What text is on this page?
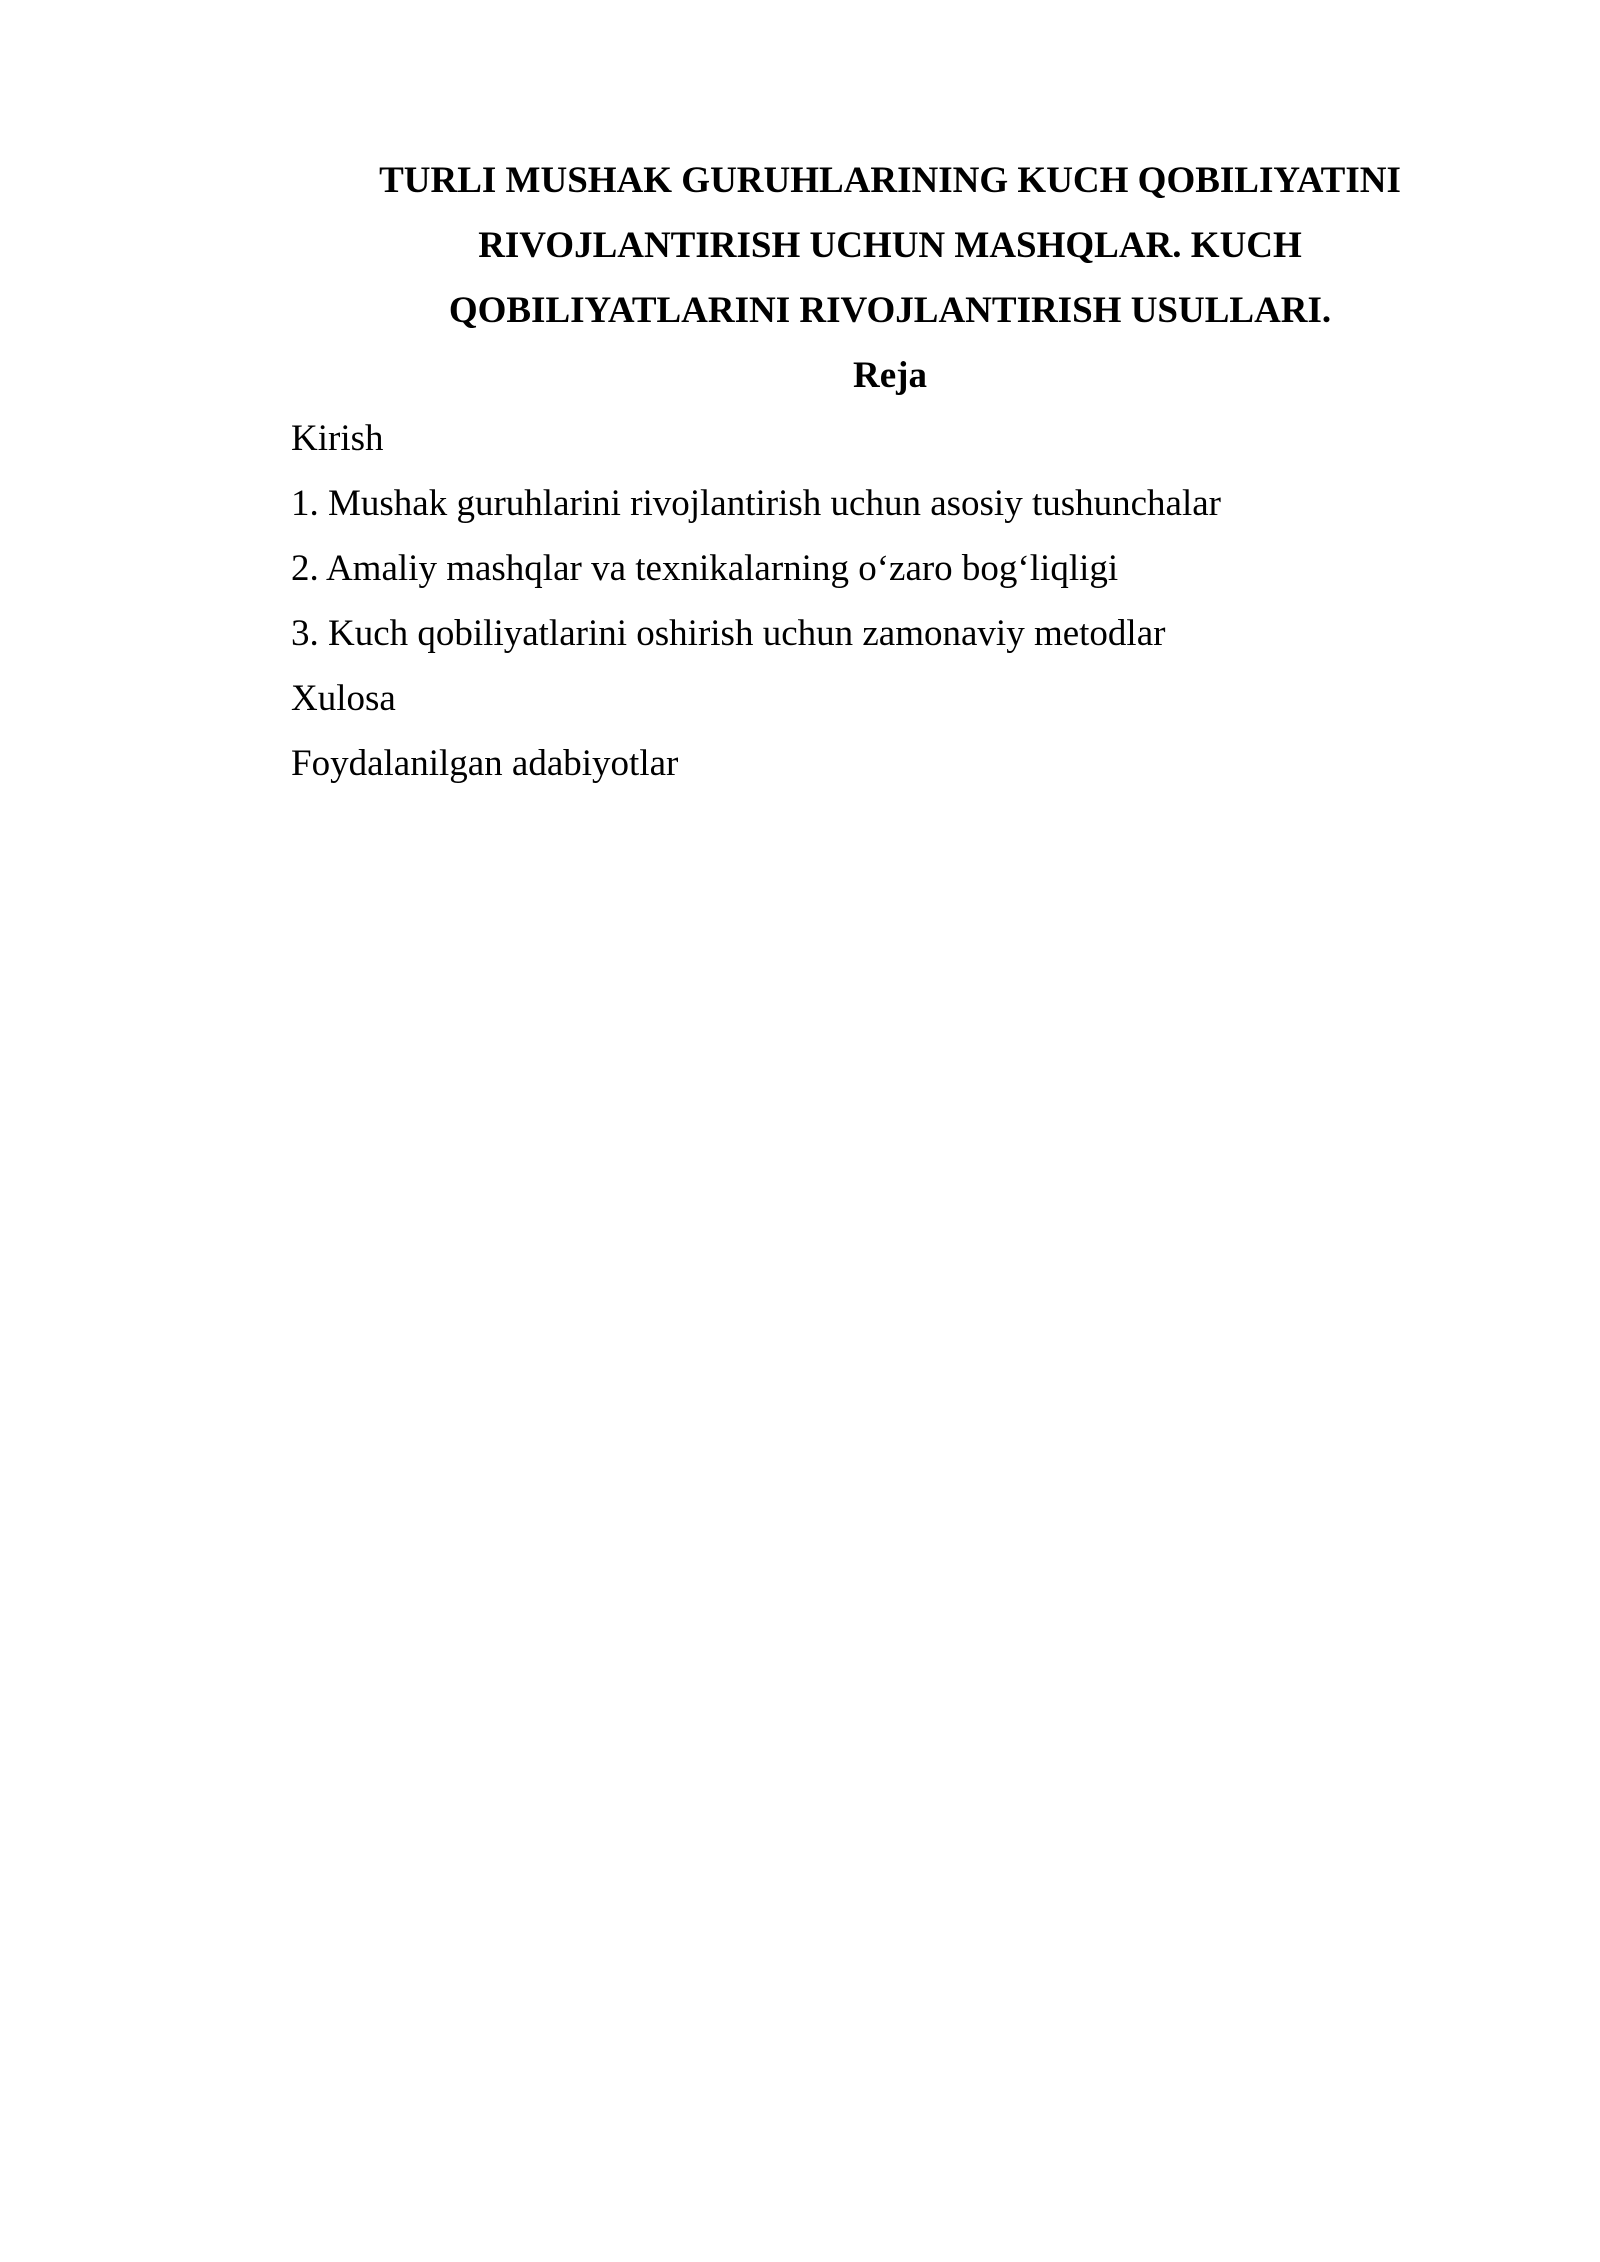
TURLI MUSHAK GURUHLARINING KUCH QOBILIYATINI
RIVOJLANTIRISH UCHUN MASHQLAR. KUCH
QOBILIYATLARINI RIVOJLANTIRISH USULLARI.
Reja
Kirish
1. Mushak guruhlarini rivojlantirish uchun asosiy tushunchalar
2. Amaliy mashqlar va texnikalarning o‘zaro bog‘liqligi
3. Kuch qobiliyatlarini oshirish uchun zamonaviy metodlar
Xulosa
Foydalanilgan adabiyotlar
